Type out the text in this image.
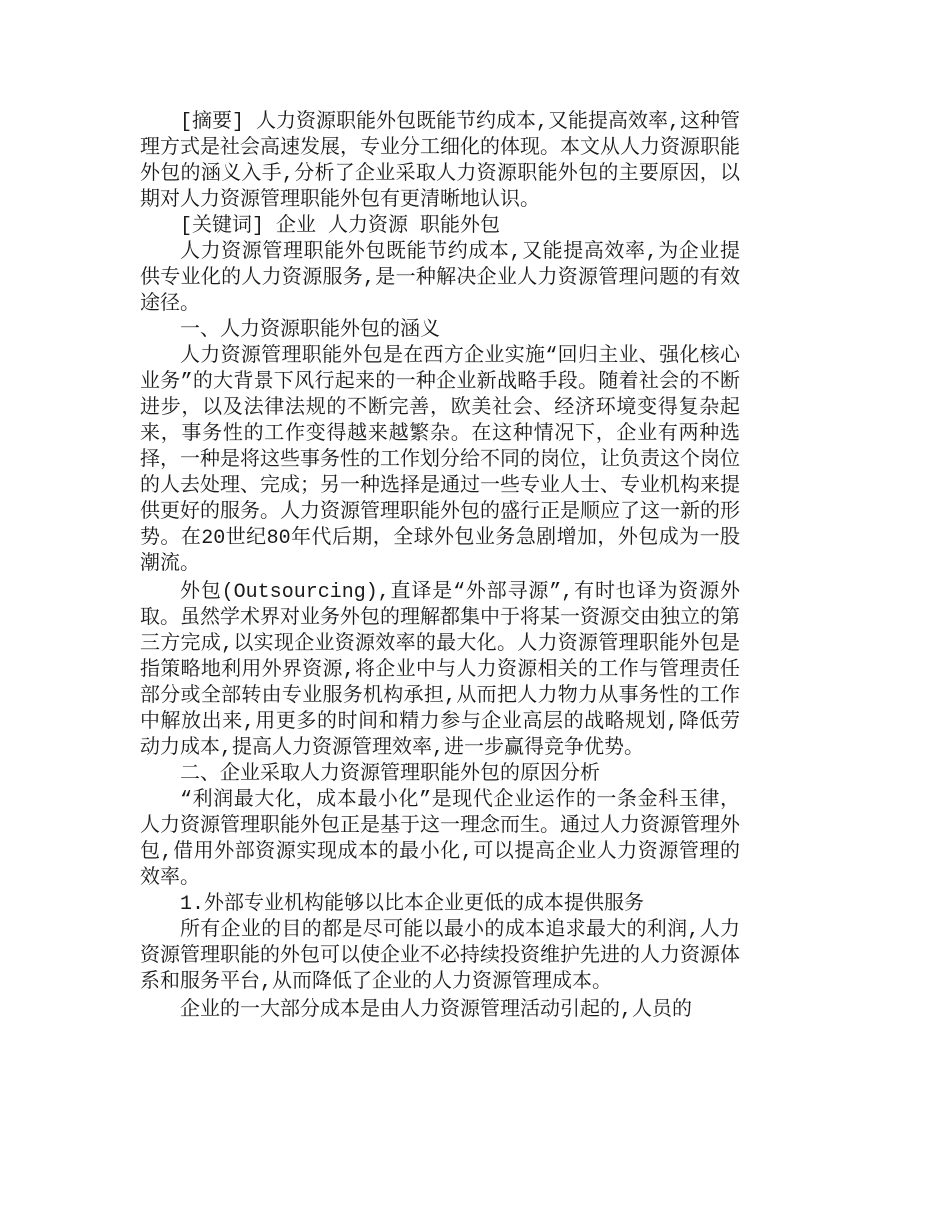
[摘要] 人力资源职能外包既能节约成本,又能提高效率,这种管理方式是社会高速发展，专业分工细化的体现。本文从人力资源职能外包的涵义入手,分析了企业采取人力资源职能外包的主要原因，以期对人力资源管理职能外包有更清晰地认识。

[关键词] 企业 人力资源 职能外包

人力资源管理职能外包既能节约成本,又能提高效率,为企业提供专业化的人力资源服务,是一种解决企业人力资源管理问题的有效途径。

一、人力资源职能外包的涵义

人力资源管理职能外包是在西方企业实施“回归主业、强化核心业务”的大背景下风行起来的一种企业新战略手段。随着社会的不断进步，以及法律法规的不断完善，欧美社会、经济环境变得复杂起来，事务性的工作变得越来越繁杂。在这种情况下，企业有两种选择，一种是将这些事务性的工作划分给不同的岗位，让负责这个岗位的人去处理、完成；另一种选择是通过一些专业人士、专业机构来提供更好的服务。人力资源管理职能外包的盛行正是顺应了这一新的形势。在20世纪80年代后期，全球外包业务急剧增加，外包成为一股潮流。

外包(Outsourcing),直译是“外部寻源”,有时也译为资源外取。虽然学术界对业务外包的理解都集中于将某一资源交由独立的第三方完成,以实现企业资源效率的最大化。人力资源管理职能外包是指策略地利用外界资源,将企业中与人力资源相关的工作与管理责任部分或全部转由专业服务机构承担,从而把人力物力从事务性的工作中解放出来,用更多的时间和精力参与企业高层的战略规划,降低劳动力成本,提高人力资源管理效率,进一步赢得竞争优势。

二、企业采取人力资源管理职能外包的原因分析

“利润最大化，成本最小化”是现代企业运作的一条金科玉律，人力资源管理职能外包正是基于这一理念而生。通过人力资源管理外包,借用外部资源实现成本的最小化,可以提高企业人力资源管理的效率。

1.外部专业机构能够以比本企业更低的成本提供服务

所有企业的目的都是尽可能以最小的成本追求最大的利润,人力资源管理职能的外包可以使企业不必持续投资维护先进的人力资源体系和服务平台,从而降低了企业的人力资源管理成本。

企业的一大部分成本是由人力资源管理活动引起的,人员的
